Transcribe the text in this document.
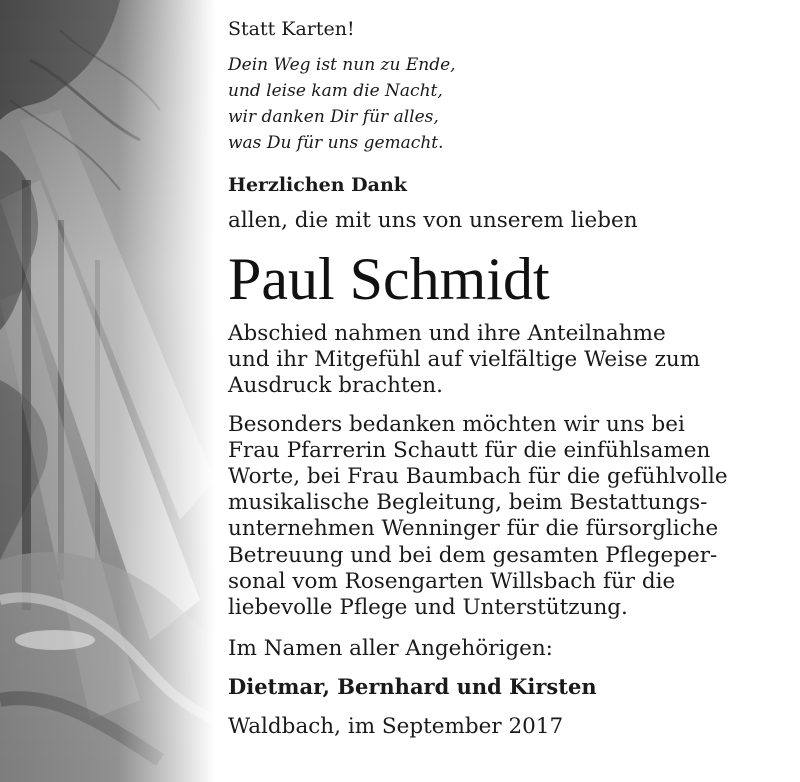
Statt Karten!

Dein Weg ist nun zu Ende,
und leise kam die Nacht,
wir danken Dir für alles,
was Du für uns gemacht.

Herzlichen Dank

allen, die mit uns von unserem lieben

Paul Schmidt

Abschied nahmen und ihre Anteilnahme
und ihr Mitgefühl auf vielfältige Weise zum
Ausdruck brachten.
Besonders bedanken möchten wir uns bei
Frau Pfarrerin Schautt für die einfühlsamen
Worte, bei Frau Baumbach für die gefühlvolle
musikalische Begleitung, beim Bestattungs-
unternehmen Wenninger für die fürsorgliche
Betreuung und bei dem gesamten Pflegeper-
sonal vom Rosengarten Willsbach für die
liebevolle Pflege und Unterstützung.

Im Namen aller Angehörigen:

Dietmar, Bernhard und Kirsten

Waldbach, im September 2017
